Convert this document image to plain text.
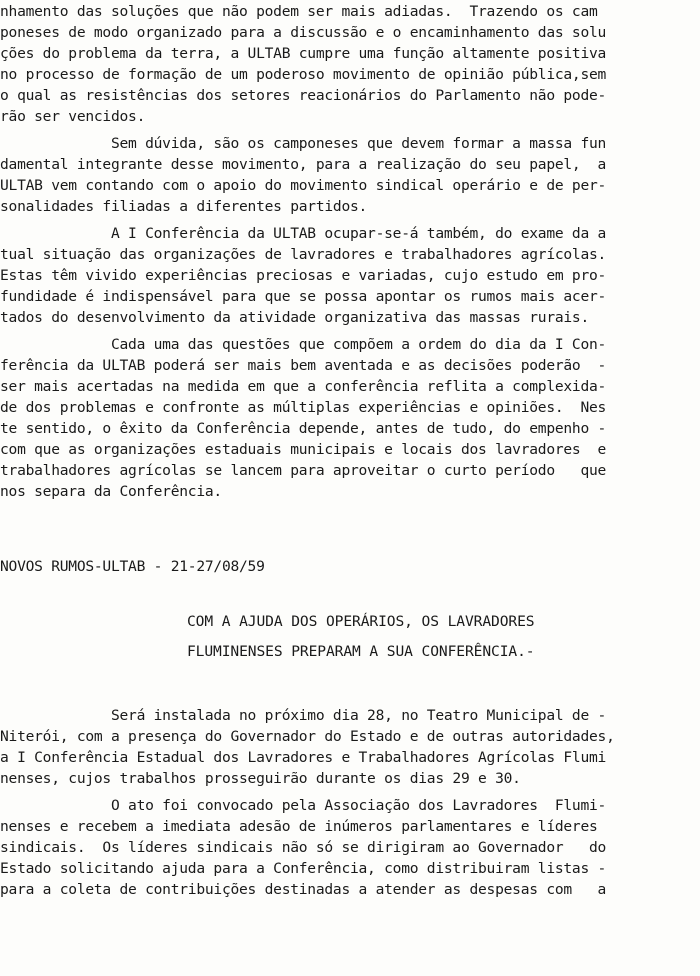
nhamento das soluções que não podem ser mais adiadas.  Trazendo os cam
poneses de modo organizado para a discussão e o encaminhamento das solu
ções do problema da terra, a ULTAB cumpre uma função altamente positiva
no processo de formação de um poderoso movimento de opinião pública,sem
o qual as resistências dos setores reacionários do Parlamento não pode-
rão ser vencidos.
Sem dúvida, são os camponeses que devem formar a massa fun
damental integrante desse movimento, para a realização do seu papel,  a
ULTAB vem contando com o apoio do movimento sindical operário e de per-
sonalidades filiadas a diferentes partidos.
A I Conferência da ULTAB ocupar-se-á também, do exame da a
tual situação das organizações de lavradores e trabalhadores agrícolas.
Estas têm vivido experiências preciosas e variadas, cujo estudo em pro-
fundidade é indispensável para que se possa apontar os rumos mais acer-
tados do desenvolvimento da atividade organizativa das massas rurais.
Cada uma das questões que compõem a ordem do dia da I Con-
ferência da ULTAB poderá ser mais bem aventada e as decisões poderão  -
ser mais acertadas na medida em que a conferência reflita a complexida-
de dos problemas e confronte as múltiplas experiências e opiniões.  Nes
te sentido, o êxito da Conferência depende, antes de tudo, do empenho -
com que as organizações estaduais municipais e locais dos lavradores  e
trabalhadores agrícolas se lancem para aproveitar o curto período   que
nos separa da Conferência.
NOVOS RUMOS-ULTAB - 21-27/08/59
COM A AJUDA DOS OPERÁRIOS, OS LAVRADORES
FLUMINENSES PREPARAM A SUA CONFERÊNCIA.-
Será instalada no próximo dia 28, no Teatro Municipal de -
Niterói, com a presença do Governador do Estado e de outras autoridades,
a I Conferência Estadual dos Lavradores e Trabalhadores Agrícolas Flumi
nenses, cujos trabalhos prosseguirão durante os dias 29 e 30.
O ato foi convocado pela Associação dos Lavradores  Flumi-
nenses e recebem a imediata adesão de inúmeros parlamentares e líderes
sindicais.  Os líderes sindicais não só se dirigiram ao Governador   do
Estado solicitando ajuda para a Conferência, como distribuiram listas -
para a coleta de contribuições destinadas a atender as despesas com   a
